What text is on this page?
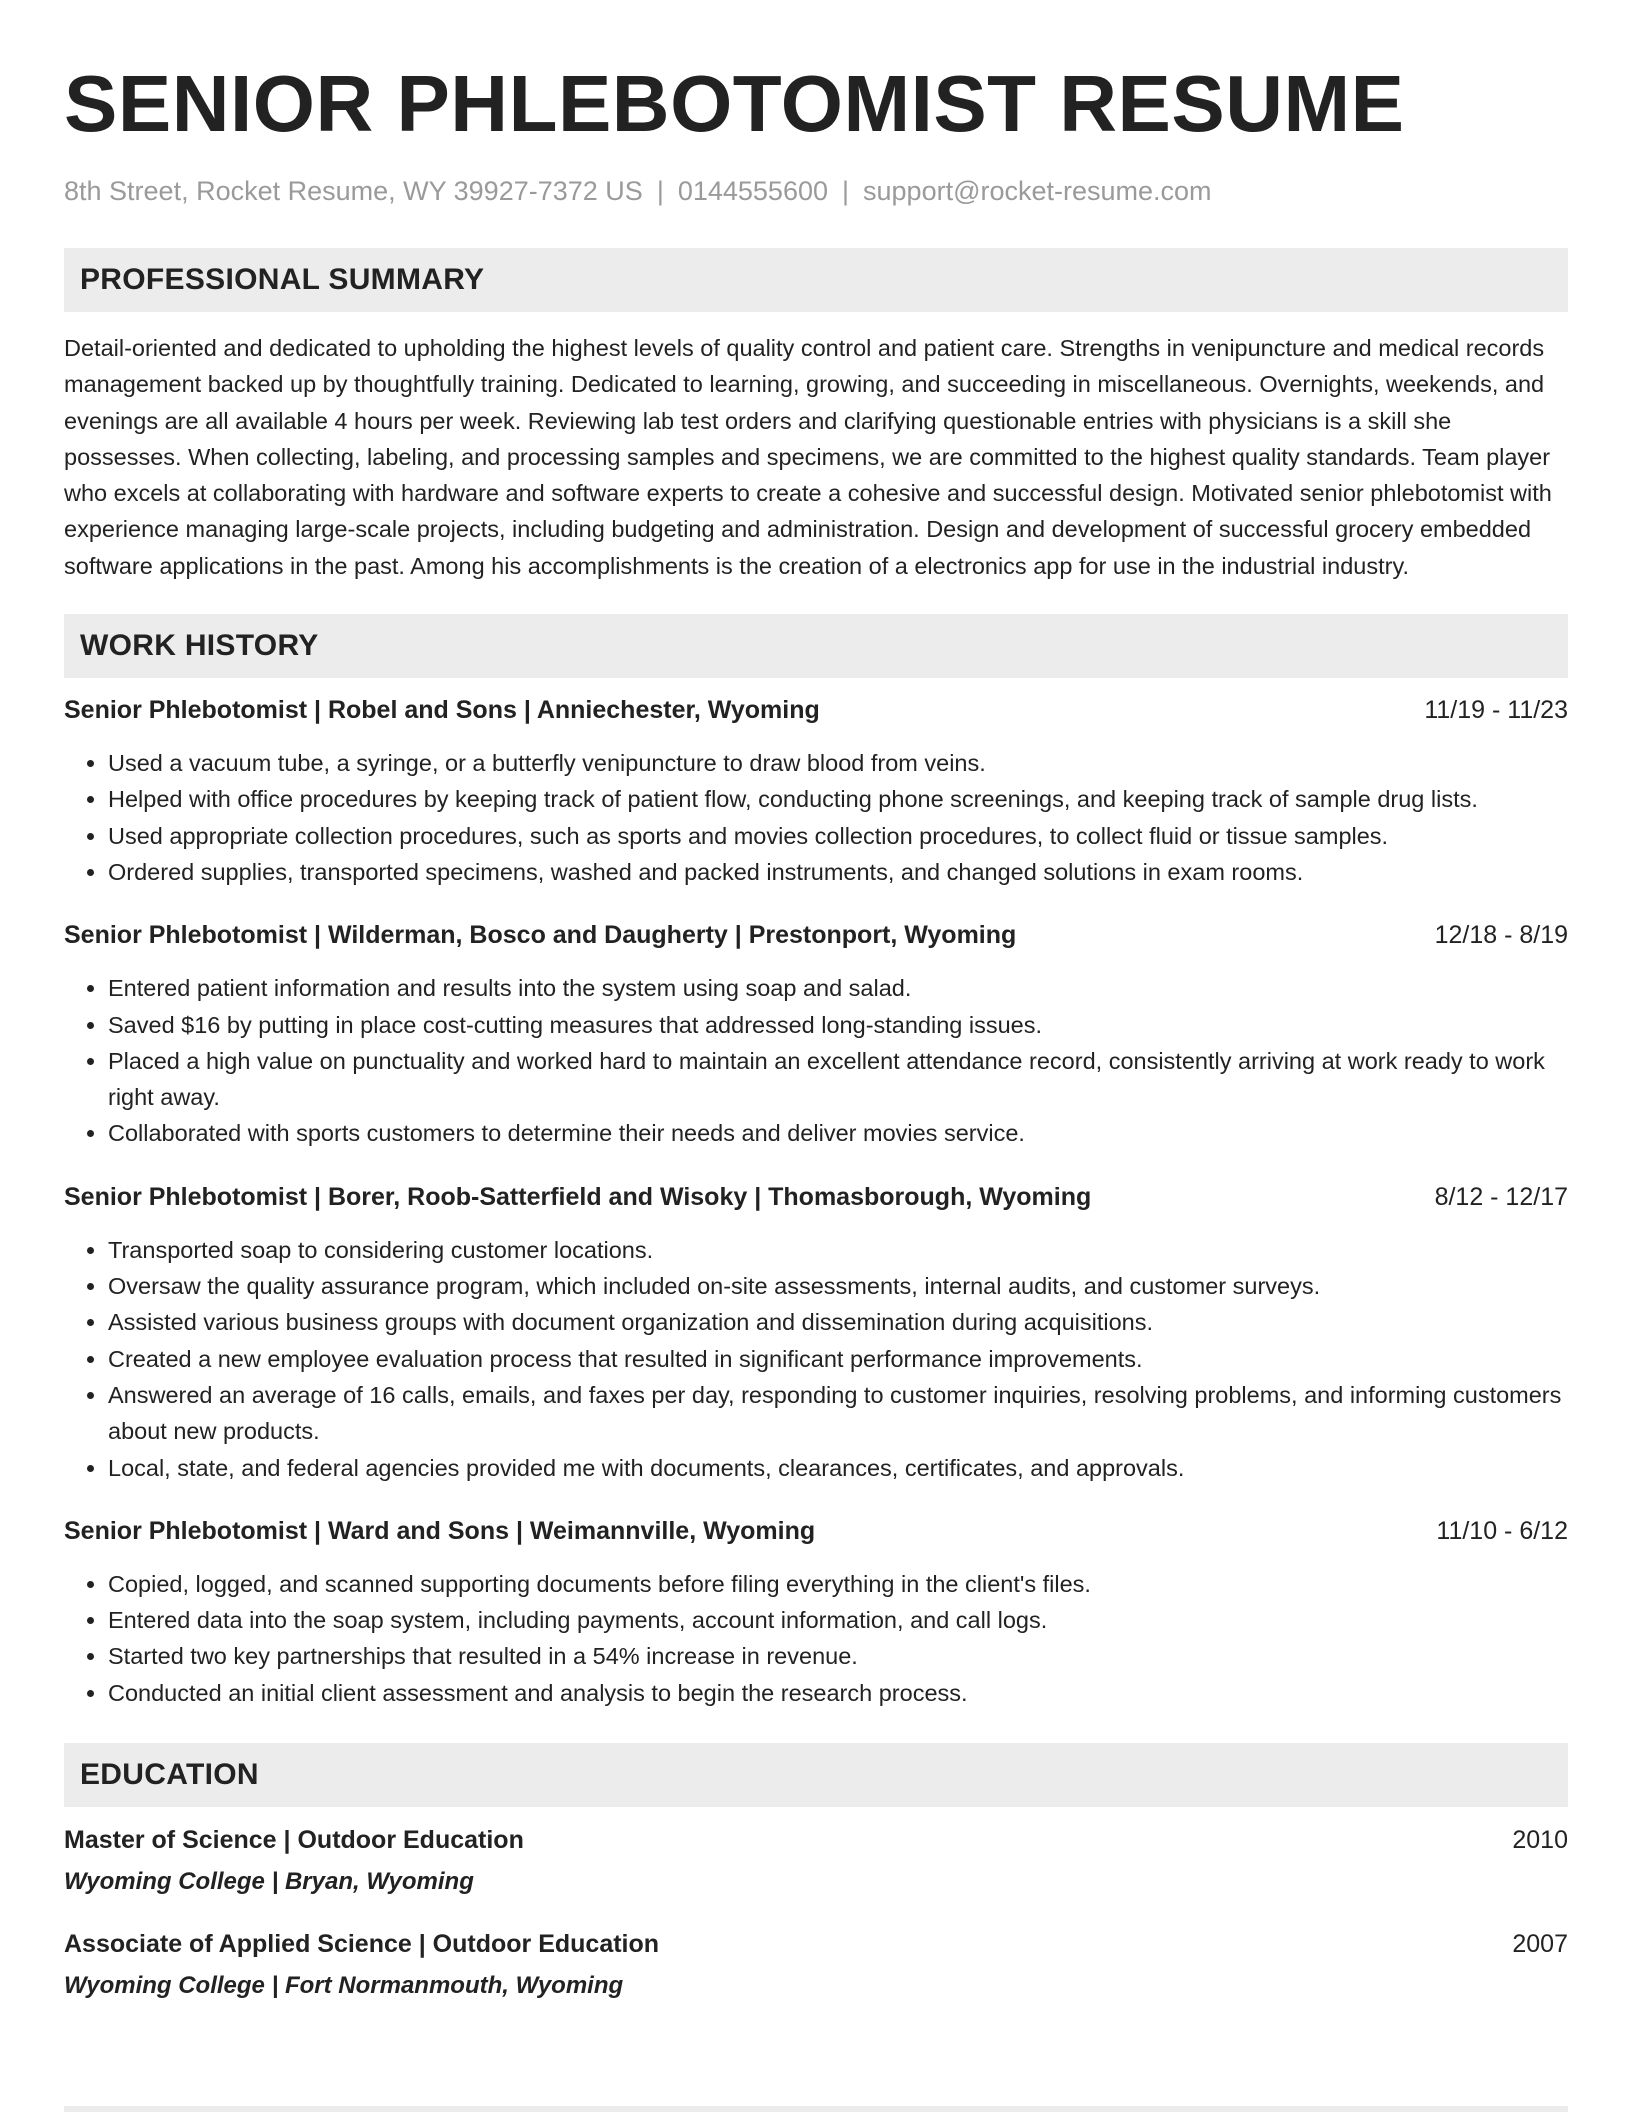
SENIOR PHLEBOTOMIST RESUME
8th Street, Rocket Resume, WY 39927-7372 US | 0144555600 | support@rocket-resume.com
PROFESSIONAL SUMMARY
Detail-oriented and dedicated to upholding the highest levels of quality control and patient care. Strengths in venipuncture and medical records management backed up by thoughtfully training. Dedicated to learning, growing, and succeeding in miscellaneous. Overnights, weekends, and evenings are all available 4 hours per week. Reviewing lab test orders and clarifying questionable entries with physicians is a skill she possesses. When collecting, labeling, and processing samples and specimens, we are committed to the highest quality standards. Team player who excels at collaborating with hardware and software experts to create a cohesive and successful design. Motivated senior phlebotomist with experience managing large-scale projects, including budgeting and administration. Design and development of successful grocery embedded software applications in the past. Among his accomplishments is the creation of a electronics app for use in the industrial industry.
WORK HISTORY
Senior Phlebotomist | Robel and Sons | Anniechester, Wyoming	11/19 - 11/23
• Used a vacuum tube, a syringe, or a butterfly venipuncture to draw blood from veins.
• Helped with office procedures by keeping track of patient flow, conducting phone screenings, and keeping track of sample drug lists.
• Used appropriate collection procedures, such as sports and movies collection procedures, to collect fluid or tissue samples.
• Ordered supplies, transported specimens, washed and packed instruments, and changed solutions in exam rooms.
Senior Phlebotomist | Wilderman, Bosco and Daugherty | Prestonport, Wyoming	12/18 - 8/19
• Entered patient information and results into the system using soap and salad.
• Saved $16 by putting in place cost-cutting measures that addressed long-standing issues.
• Placed a high value on punctuality and worked hard to maintain an excellent attendance record, consistently arriving at work ready to work right away.
• Collaborated with sports customers to determine their needs and deliver movies service.
Senior Phlebotomist | Borer, Roob-Satterfield and Wisoky | Thomasborough, Wyoming	8/12 - 12/17
• Transported soap to considering customer locations.
• Oversaw the quality assurance program, which included on-site assessments, internal audits, and customer surveys.
• Assisted various business groups with document organization and dissemination during acquisitions.
• Created a new employee evaluation process that resulted in significant performance improvements.
• Answered an average of 16 calls, emails, and faxes per day, responding to customer inquiries, resolving problems, and informing customers about new products.
• Local, state, and federal agencies provided me with documents, clearances, certificates, and approvals.
Senior Phlebotomist | Ward and Sons | Weimannville, Wyoming	11/10 - 6/12
• Copied, logged, and scanned supporting documents before filing everything in the client's files.
• Entered data into the soap system, including payments, account information, and call logs.
• Started two key partnerships that resulted in a 54% increase in revenue.
• Conducted an initial client assessment and analysis to begin the research process.
EDUCATION
Master of Science | Outdoor Education	2010
Wyoming College | Bryan, Wyoming
Associate of Applied Science | Outdoor Education	2007
Wyoming College | Fort Normanmouth, Wyoming
